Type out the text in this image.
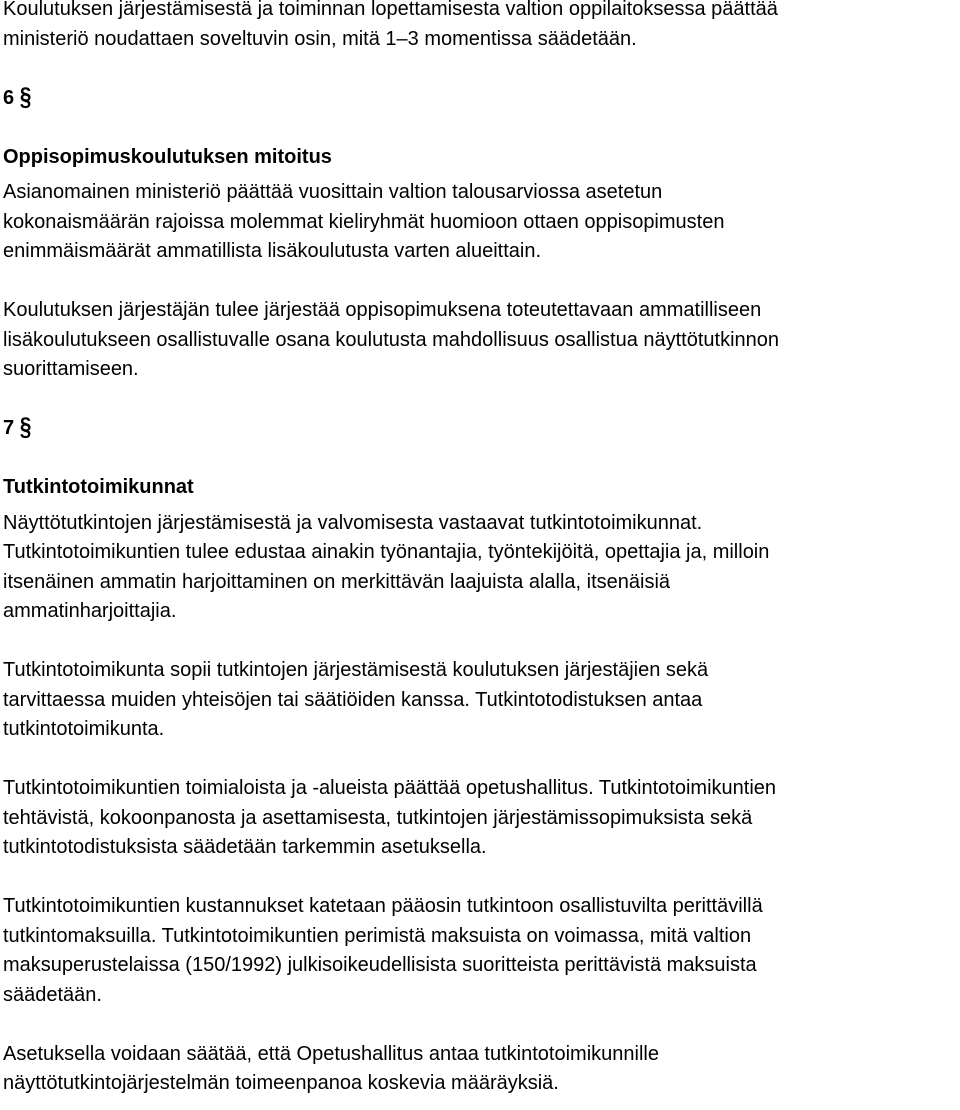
Koulutuksen järjestämisestä ja toiminnan lopettamisesta valtion oppilaitoksessa päättää
ministeriö noudattaen soveltuvin osin, mitä 1–3 momentissa säädetään.
6 §
Oppisopimuskoulutuksen mitoitus
Asianomainen ministeriö päättää vuosittain valtion talousarviossa asetetun
kokonaismäärän rajoissa molemmat kieliryhmät huomioon ottaen oppisopimusten
enimmäismäärät ammatillista lisäkoulutusta varten alueittain.
Koulutuksen järjestäjän tulee järjestää oppisopimuksena toteutettavaan ammatilliseen
lisäkoulutukseen osallistuvalle osana koulutusta mahdollisuus osallistua näyttötutkinnon
suorittamiseen.
7 §
Tutkintotoimikunnat
Näyttötutkintojen järjestämisestä ja valvomisesta vastaavat tutkintotoimikunnat.
Tutkintotoimikuntien tulee edustaa ainakin työnantajia, työntekijöitä, opettajia ja, milloin
itsenäinen ammatin harjoittaminen on merkittävän laajuista alalla, itsenäisiä
ammatinharjoittajia.
Tutkintotoimikunta sopii tutkintojen järjestämisestä koulutuksen järjestäjien sekä
tarvittaessa muiden yhteisöjen tai säätiöiden kanssa. Tutkintotodistuksen antaa
tutkintotoimikunta.
Tutkintotoimikuntien toimialoista ja -alueista päättää opetushallitus. Tutkintotoimikuntien
tehtävistä, kokoonpanosta ja asettamisesta, tutkintojen järjestämissopimuksista sekä
tutkintotodistuksista säädetään tarkemmin asetuksella.
Tutkintotoimikuntien kustannukset katetaan pääosin tutkintoon osallistuvilta perittävillä
tutkintomaksuilla. Tutkintotoimikuntien perimistä maksuista on voimassa, mitä valtion
maksuperustelaissa (150/1992) julkisoikeudellisista suoritteista perittävistä maksuista
säädetään.
Asetuksella voidaan säätää, että Opetushallitus antaa tutkintotoimikunnille
näyttötutkintojärjestelmän toimeenpanoa koskevia määräyksiä.
